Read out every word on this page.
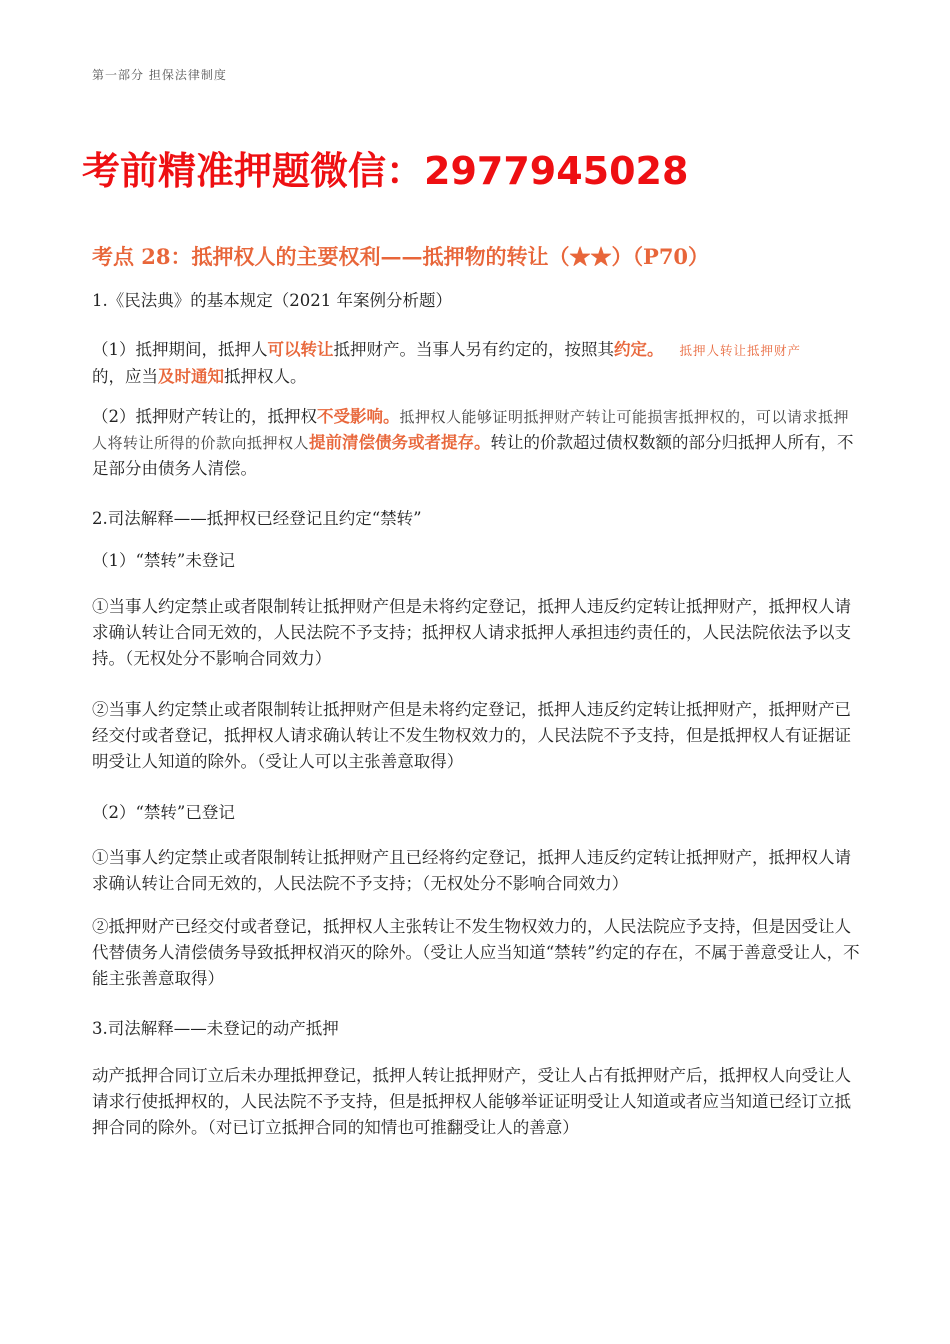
第一部分 担保法律制度
考前精准押题微信：2977945028
考点 28：抵押权人的主要权利——抵押物的转让（★★）（P70）

1.《民法典》的基本规定（2021 年案例分析题）

（1）抵押期间，抵押人可以转让抵押财产。当事人另有约定的，按照其约定。 抵押人转让抵押财产
的，应当及时通知抵押权人。

（2）抵押财产转让的，抵押权不受影响。抵押权人能够证明抵押财产转让可能损害抵押权的，可以请求抵押人将转让所得的价款向抵押权人提前清偿债务或者提存。转让的价款超过债权数额的部分归抵押人所有，不足部分由债务人清偿。

2.司法解释——抵押权已经登记且约定“禁转”

（1）“禁转”未登记

①当事人约定禁止或者限制转让抵押财产但是未将约定登记，抵押人违反约定转让抵押财产，抵押权人请求确认转让合同无效的，人民法院不予支持；抵押权人请求抵押人承担违约责任的，人民法院依法予以支持。（无权处分不影响合同效力）

②当事人约定禁止或者限制转让抵押财产但是未将约定登记，抵押人违反约定转让抵押财产，抵押财产已经交付或者登记，抵押权人请求确认转让不发生物权效力的，人民法院不予支持，但是抵押权人有证据证明受让人知道的除外。（受让人可以主张善意取得）

（2）“禁转”已登记

①当事人约定禁止或者限制转让抵押财产且已经将约定登记，抵押人违反约定转让抵押财产，抵押权人请求确认转让合同无效的，人民法院不予支持；（无权处分不影响合同效力）

②抵押财产已经交付或者登记，抵押权人主张转让不发生物权效力的，人民法院应予支持，但是因受让人代替债务人清偿债务导致抵押权消灭的除外。（受让人应当知道“禁转”约定的存在，不属于善意受让人，不能主张善意取得）

3.司法解释——未登记的动产抵押

动产抵押合同订立后未办理抵押登记，抵押人转让抵押财产，受让人占有抵押财产后，抵押权人向受让人请求行使抵押权的，人民法院不予支持，但是抵押权人能够举证证明受让人知道或者应当知道已经订立抵押合同的除外。（对已订立抵押合同的知情也可推翻受让人的善意）
